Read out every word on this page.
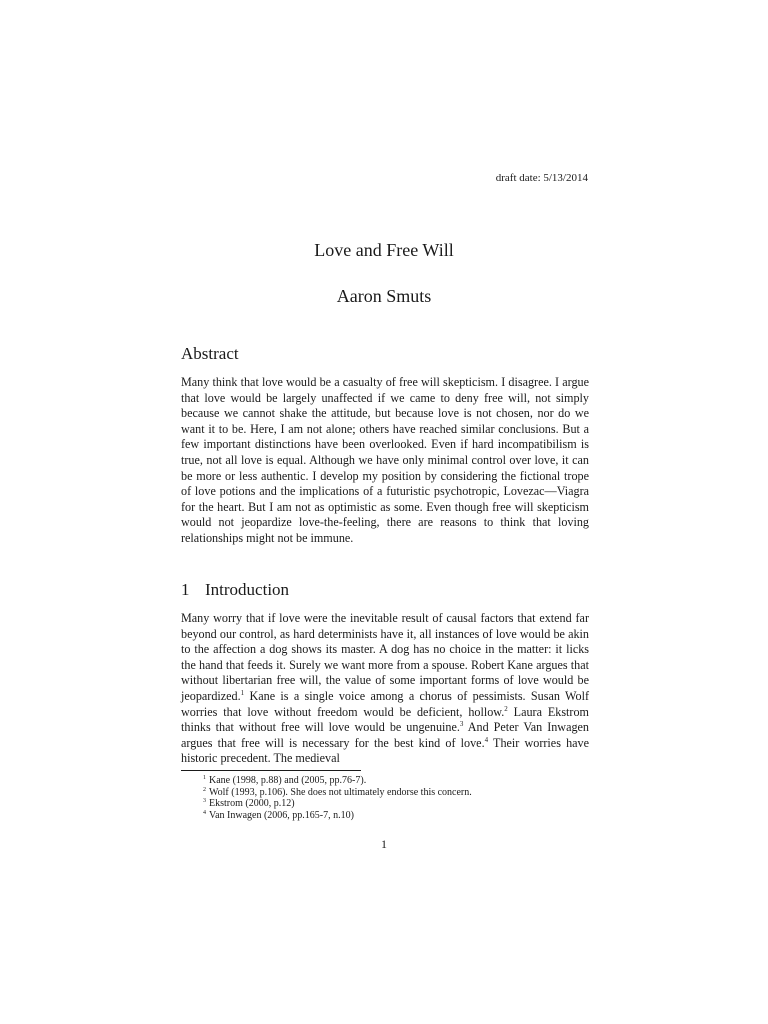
draft date: 5/13/2014
Love and Free Will
Aaron Smuts
Abstract

Many think that love would be a casualty of free will skepticism. I disagree. I argue that love would be largely unaffected if we came to deny free will, not simply because we cannot shake the attitude, but because love is not chosen, nor do we want it to be. Here, I am not alone; others have reached similar conclusions. But a few important distinctions have been overlooked. Even if hard incompatibilism is true, not all love is equal. Although we have only minimal control over love, it can be more or less authentic. I develop my position by considering the fictional trope of love potions and the implications of a futuristic psychotropic, Lovezac—Viagra for the heart. But I am not as optimistic as some. Even though free will skepticism would not jeopardize love-the-feeling, there are reasons to think that loving relationships might not be immune.

1 Introduction

Many worry that if love were the inevitable result of causal factors that extend far beyond our control, as hard determinists have it, all instances of love would be akin to the affection a dog shows its master. A dog has no choice in the matter: it licks the hand that feeds it. Surely we want more from a spouse. Robert Kane argues that without libertarian free will, the value of some important forms of love would be jeopardized.$^1$ Kane is a single voice among a chorus of pessimists. Susan Wolf worries that love without freedom would be deficient, hollow.$^2$ Laura Ekstrom thinks that without free will love would be ungenuine.$^3$ And Peter Van Inwagen argues that free will is necessary for the best kind of love.$^4$ Their worries have historic precedent. The medieval

$^1$ Kane (1998, p.88) and (2005, pp.76-7).
$^2$ Wolf (1993, p.106). She does not ultimately endorse this concern.
$^3$ Ekstrom (2000, p.12)
$^4$ Van Inwagen (2006, pp.165-7, n.10)
1
